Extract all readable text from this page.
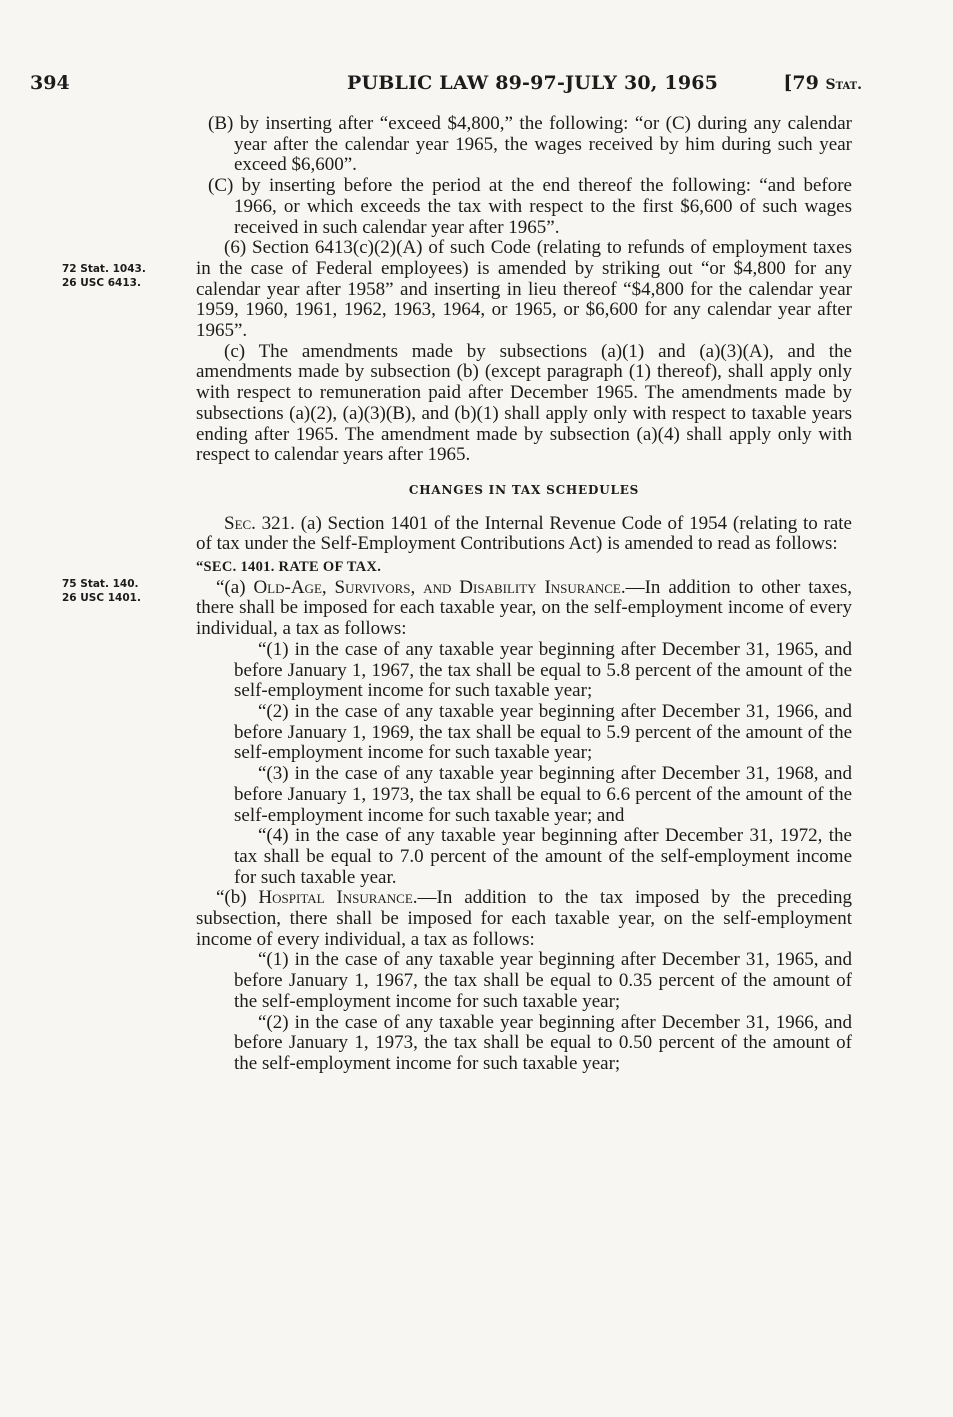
394	PUBLIC LAW 89-97-JULY 30, 1965	[79 Stat.
72 Stat. 1043.
26 USC 6413.
75 Stat. 140.
26 USC 1401.

(B) by inserting after “exceed $4,800,” the following: “or (C) during any calendar year after the calendar year 1965, the wages received by him during such year exceed $6,600”.

(C) by inserting before the period at the end thereof the following: “and before 1966, or which exceeds the tax with respect to the first $6,600 of such wages received in such calendar year after 1965”.

(6) Section 6413(c)(2)(A) of such Code (relating to refunds of employment taxes in the case of Federal employees) is amended by striking out “or $4,800 for any calendar year after 1958” and inserting in lieu thereof “$4,800 for the calendar year 1959, 1960, 1961, 1962, 1963, 1964, or 1965, or $6,600 for any calendar year after 1965”.

(c) The amendments made by subsections (a)(1) and (a)(3)(A), and the amendments made by subsection (b) (except paragraph (1) thereof), shall apply only with respect to remuneration paid after December 1965. The amendments made by subsections (a)(2), (a)(3)(B), and (b)(1) shall apply only with respect to taxable years ending after 1965. The amendment made by subsection (a)(4) shall apply only with respect to calendar years after 1965.

CHANGES IN TAX SCHEDULES

Sec. 321. (a) Section 1401 of the Internal Revenue Code of 1954 (relating to rate of tax under the Self-Employment Contributions Act) is amended to read as follows:

“SEC. 1401. RATE OF TAX.

“(a) Old-Age, Survivors, and Disability Insurance.—In addition to other taxes, there shall be imposed for each taxable year, on the self-employment income of every individual, a tax as follows:

“(1) in the case of any taxable year beginning after December 31, 1965, and before January 1, 1967, the tax shall be equal to 5.8 percent of the amount of the self-employment income for such taxable year;

“(2) in the case of any taxable year beginning after December 31, 1966, and before January 1, 1969, the tax shall be equal to 5.9 percent of the amount of the self-employment income for such taxable year;

“(3) in the case of any taxable year beginning after December 31, 1968, and before January 1, 1973, the tax shall be equal to 6.6 percent of the amount of the self-employment income for such taxable year; and

“(4) in the case of any taxable year beginning after December 31, 1972, the tax shall be equal to 7.0 percent of the amount of the self-employment income for such taxable year.

“(b) Hospital Insurance.—In addition to the tax imposed by the preceding subsection, there shall be imposed for each taxable year, on the self-employment income of every individual, a tax as follows:

“(1) in the case of any taxable year beginning after December 31, 1965, and before January 1, 1967, the tax shall be equal to 0.35 percent of the amount of the self-employment income for such taxable year;

“(2) in the case of any taxable year beginning after December 31, 1966, and before January 1, 1973, the tax shall be equal to 0.50 percent of the amount of the self-employment income for such taxable year;
